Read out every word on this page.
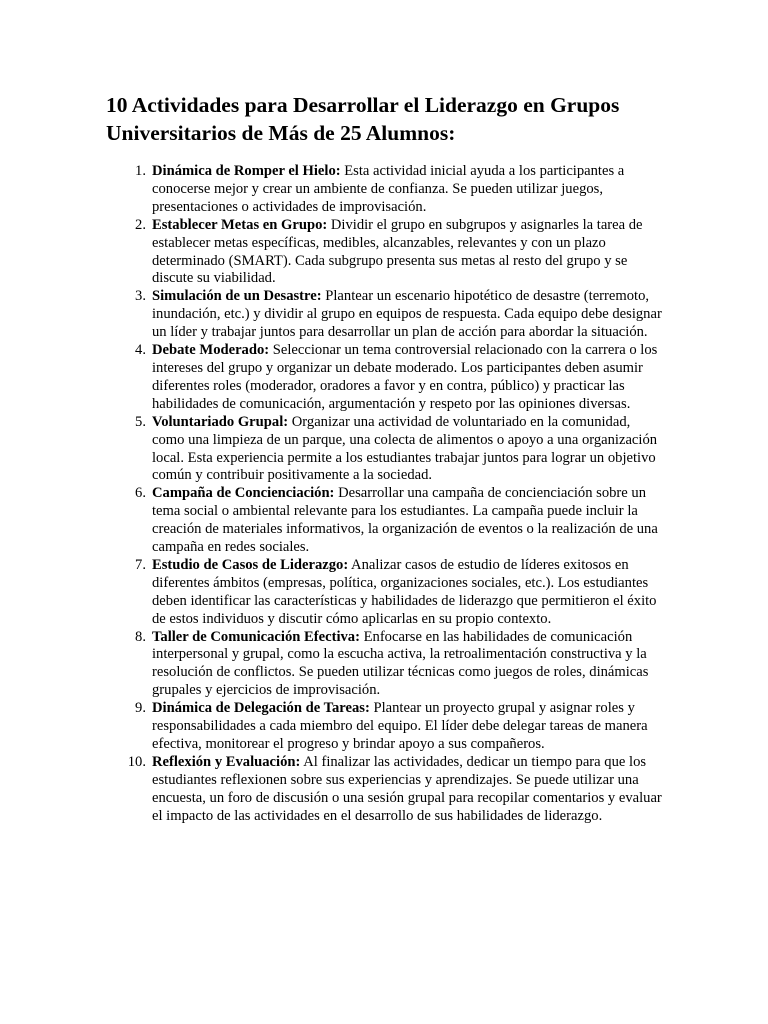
10 Actividades para Desarrollar el Liderazgo en Grupos Universitarios de Más de 25 Alumnos:
1. Dinámica de Romper el Hielo: Esta actividad inicial ayuda a los participantes a conocerse mejor y crear un ambiente de confianza. Se pueden utilizar juegos, presentaciones o actividades de improvisación.
2. Establecer Metas en Grupo: Dividir el grupo en subgrupos y asignarles la tarea de establecer metas específicas, medibles, alcanzables, relevantes y con un plazo determinado (SMART). Cada subgrupo presenta sus metas al resto del grupo y se discute su viabilidad.
3. Simulación de un Desastre: Plantear un escenario hipotético de desastre (terremoto, inundación, etc.) y dividir al grupo en equipos de respuesta. Cada equipo debe designar un líder y trabajar juntos para desarrollar un plan de acción para abordar la situación.
4. Debate Moderado: Seleccionar un tema controversial relacionado con la carrera o los intereses del grupo y organizar un debate moderado. Los participantes deben asumir diferentes roles (moderador, oradores a favor y en contra, público) y practicar las habilidades de comunicación, argumentación y respeto por las opiniones diversas.
5. Voluntariado Grupal: Organizar una actividad de voluntariado en la comunidad, como una limpieza de un parque, una colecta de alimentos o apoyo a una organización local. Esta experiencia permite a los estudiantes trabajar juntos para lograr un objetivo común y contribuir positivamente a la sociedad.
6. Campaña de Concienciación: Desarrollar una campaña de concienciación sobre un tema social o ambiental relevante para los estudiantes. La campaña puede incluir la creación de materiales informativos, la organización de eventos o la realización de una campaña en redes sociales.
7. Estudio de Casos de Liderazgo: Analizar casos de estudio de líderes exitosos en diferentes ámbitos (empresas, política, organizaciones sociales, etc.). Los estudiantes deben identificar las características y habilidades de liderazgo que permitieron el éxito de estos individuos y discutir cómo aplicarlas en su propio contexto.
8. Taller de Comunicación Efectiva: Enfocarse en las habilidades de comunicación interpersonal y grupal, como la escucha activa, la retroalimentación constructiva y la resolución de conflictos. Se pueden utilizar técnicas como juegos de roles, dinámicas grupales y ejercicios de improvisación.
9. Dinámica de Delegación de Tareas: Plantear un proyecto grupal y asignar roles y responsabilidades a cada miembro del equipo. El líder debe delegar tareas de manera efectiva, monitorear el progreso y brindar apoyo a sus compañeros.
10. Reflexión y Evaluación: Al finalizar las actividades, dedicar un tiempo para que los estudiantes reflexionen sobre sus experiencias y aprendizajes. Se puede utilizar una encuesta, un foro de discusión o una sesión grupal para recopilar comentarios y evaluar el impacto de las actividades en el desarrollo de sus habilidades de liderazgo.
